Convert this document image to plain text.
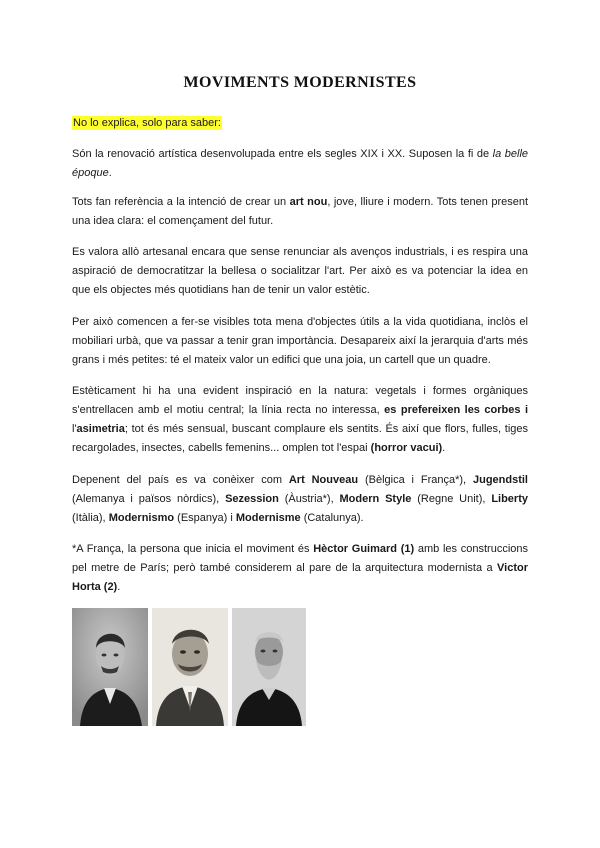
MOVIMENTS MODERNISTES
No lo explica, solo para saber:
Són la renovació artística desenvolupada entre els segles XIX i XX. Suposen la fi de la belle époque.
Tots fan referència a la intenció de crear un art nou, jove, lliure i modern. Tots tenen present una idea clara: el començament del futur.
Es valora allò artesanal encara que sense renunciar als avenços industrials, i es respira una aspiració de democratitzar la bellesa o socialitzar l'art. Per això es va potenciar la idea en que els objectes més quotidians han de tenir un valor estètic.
Per això comencen a fer-se visibles tota mena d'objectes útils a la vida quotidiana, inclòs el mobiliari urbà, que va passar a tenir gran importància. Desapareix així la jerarquia d'arts més grans i més petites: té el mateix valor un edifici que una joia, un cartell que un quadre.
Estèticament hi ha una evident inspiració en la natura: vegetals i formes orgàniques s'entrellacen amb el motiu central; la línia recta no interessa, es prefereixen les corbes i l'asimetria; tot és més sensual, buscant complaure els sentits. És així que flors, fulles, tiges recargolades, insectes, cabells femenins... omplen tot l'espai (horror vacui).
Depenent del país es va conèixer com Art Nouveau (Bèlgica i França*), Jugendstil (Alemanya i països nòrdics), Sezession (Àustria*), Modern Style (Regne Unit), Liberty (Itàlia), Modernismo (Espanya) i Modernisme (Catalunya).
*A França, la persona que inicia el moviment és Hèctor Guimard (1) amb les construccions pel metre de París; però també considerem al pare de la arquitectura modernista a Victor Horta (2).
